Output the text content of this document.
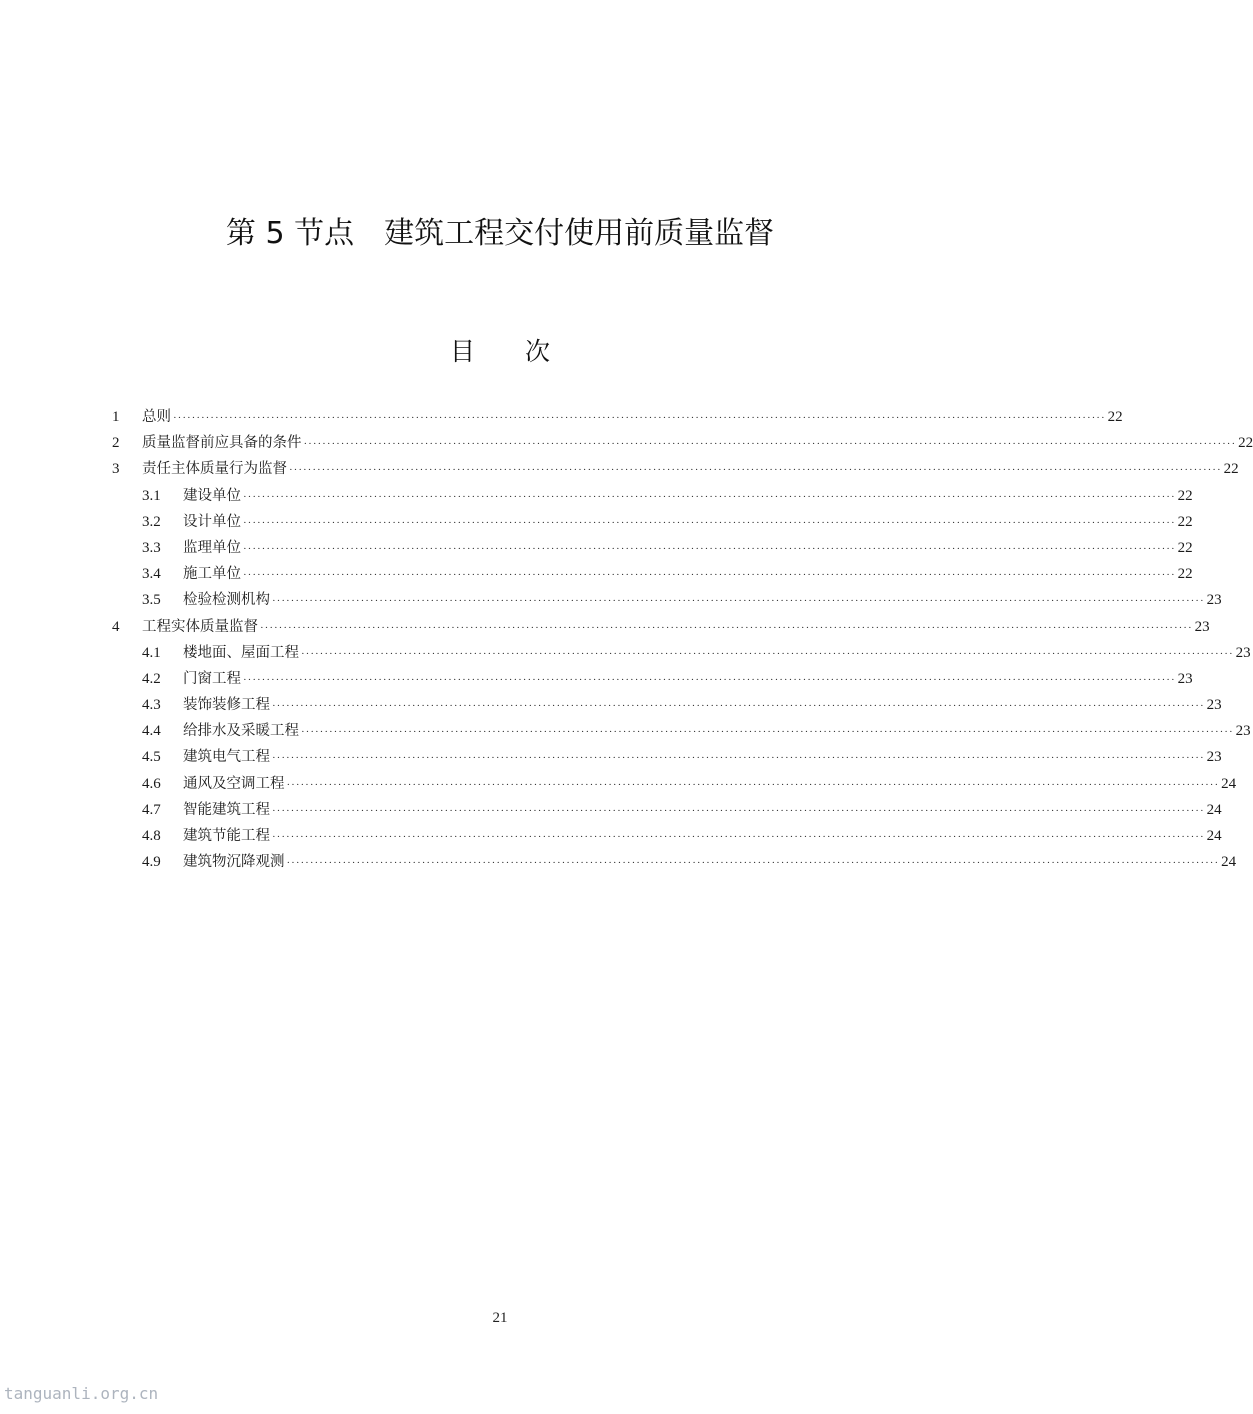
第 5 节点　建筑工程交付使用前质量监督
目　　次
1	总则 ········································································································································································································ 22
2	质量监督前应具备的条件 ········································································································································································································ 22
3	责任主体质量行为监督 ········································································································································································································ 22
3.1	建设单位 ········································································································································································································ 22
3.2	设计单位 ········································································································································································································ 22
3.3	监理单位 ········································································································································································································ 22
3.4	施工单位 ········································································································································································································ 22
3.5	检验检测机构 ········································································································································································································ 23
4	工程实体质量监督 ········································································································································································································ 23
4.1	楼地面、屋面工程 ········································································································································································································ 23
4.2	门窗工程 ········································································································································································································ 23
4.3	装饰装修工程 ········································································································································································································ 23
4.4	给排水及采暖工程 ········································································································································································································ 23
4.5	建筑电气工程 ········································································································································································································ 23
4.6	通风及空调工程 ········································································································································································································ 24
4.7	智能建筑工程 ········································································································································································································ 24
4.8	建筑节能工程 ········································································································································································································ 24
4.9	建筑物沉降观测 ········································································································································································································ 24
21
tanguanli.org.cn
